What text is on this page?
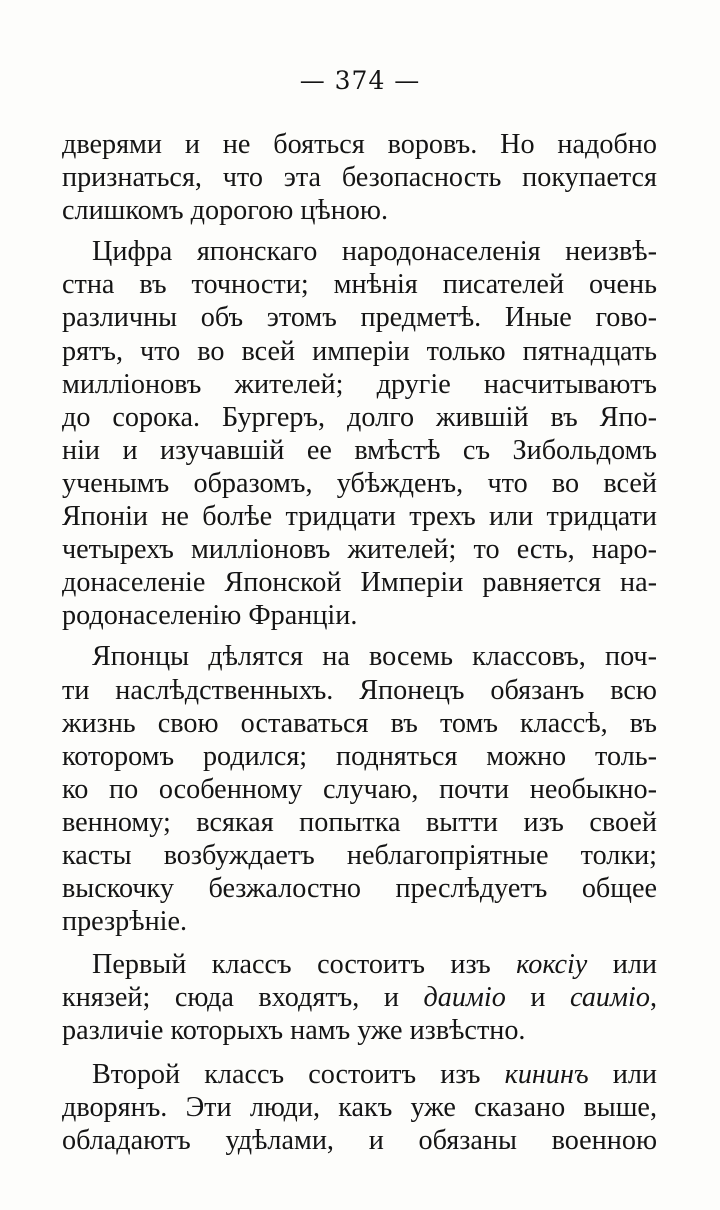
— 374 —
дверями и не бояться воровъ. Но надобно
признаться, что эта безопасность покупается
слишкомъ дорогою цѣною.
Цифра японскаго народонаселенія неизвѣ-
стна въ точности; мнѣнія писателей очень
различны объ этомъ предметѣ. Иные гово-
рятъ, что во всей имперіи только пятнадцать
милліоновъ жителей; другіе насчитываютъ
до сорока. Бургеръ, долго жившій въ Япо-
ніи и изучавшій ее вмѣстѣ съ Зибольдомъ
ученымъ образомъ, убѣжденъ, что во всей
Японіи не болѣе тридцати трехъ или тридцати
четырехъ милліоновъ жителей; то есть, наро-
донаселеніе Японской Имперіи равняется на-
родонаселенію Франціи.
Японцы дѣлятся на восемь классовъ, поч-
ти наслѣдственныхъ. Японецъ обязанъ всю
жизнь свою оставаться въ томъ классѣ, въ
которомъ родился; подняться можно толь-
ко по особенному случаю, почти необыкно-
венному; всякая попытка вытти изъ своей
касты возбуждаетъ неблагопріятные толки;
выскочку безжалостно преслѣдуетъ общее
презрѣніе.
Первый классъ состоитъ изъ коксіу или
князей; сюда входятъ, и даиміо и саиміо,
различіе которыхъ намъ уже извѣстно.
Второй классъ состоитъ изъ кининъ или
дворянъ. Эти люди, какъ уже сказано выше,
обладаютъ удѣлами, и обязаны военною
